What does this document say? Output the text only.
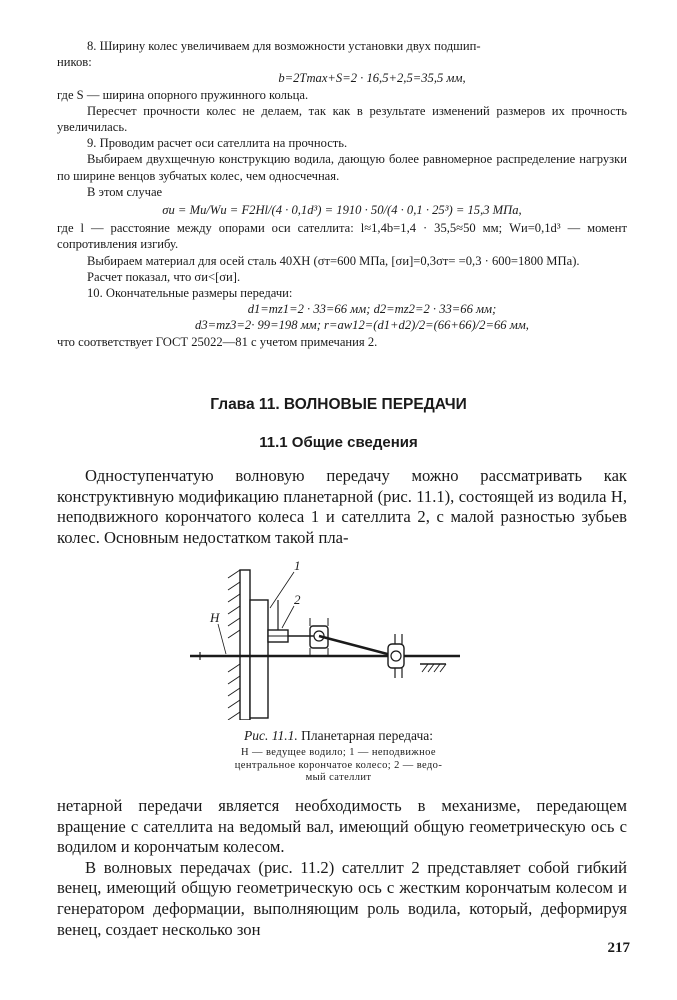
8. Ширину колес увеличиваем для возможности установки двух подшип-

ников:

b=2Tmax+S=2 · 16,5+2,5=35,5 мм,

где S — ширина опорного пружинного кольца.

Пересчет прочности колес не делаем, так как в результате изменений размеров их прочность увеличилась.

9. Проводим расчет оси сателлита на прочность.

Выбираем двухщечную конструкцию водила, дающую более равномерное распределение нагрузки по ширине венцов зубчатых колес, чем односчечная.

В этом случае

σи = Mи/Wи = F2Hl/(4 · 0,1d³) = 1910 · 50/(4 · 0,1 · 25³) = 15,3 МПа,

где l — расстояние между опорами оси сателлита: l≈1,4b=1,4 · 35,5≈50 мм; Wи=0,1d³ — момент сопротивления изгибу.

Выбираем материал для осей сталь 40ХН (σт=600 МПа, [σи]=0,3σт= =0,3 · 600=1800 МПа).

Расчет показал, что σи<[σи].

10. Окончательные размеры передачи:

d1=mz1=2 · 33=66 мм; d2=mz2=2 · 33=66 мм;

d3=mz3=2· 99=198 мм; r=aw12=(d1+d2)/2=(66+66)/2=66 мм,

что соответствует ГОСТ 25022—81 с учетом примечания 2.

Глава 11. ВОЛНОВЫЕ ПЕРЕДАЧИ
11.1 Общие сведения

Одноступенчатую волновую передачу можно рассматривать как конструктивную модификацию планетарной (рис. 11.1), состоящей из водила H, неподвижного корончатого колеса 1 и сателлита 2, с малой разностью зубьев колес. Основным недостатком такой пла-

1
2
H
Рис. 11.1. Планетарная передача:
H — ведущее водило; 1 — неподвижное
центральное корончатое колесо; 2 — ведо-
мый сателлит

нетарной передачи является необходимость в механизме, передающем вращение с сателлита на ведомый вал, имеющий общую геометрическую ось с водилом и корончатым колесом.

В волновых передачах (рис. 11.2) сателлит 2 представляет собой гибкий венец, имеющий общую геометрическую ось с жестким корончатым колесом и генератором деформации, выполняющим роль водила, который, деформируя венец, создает несколько зон

217
